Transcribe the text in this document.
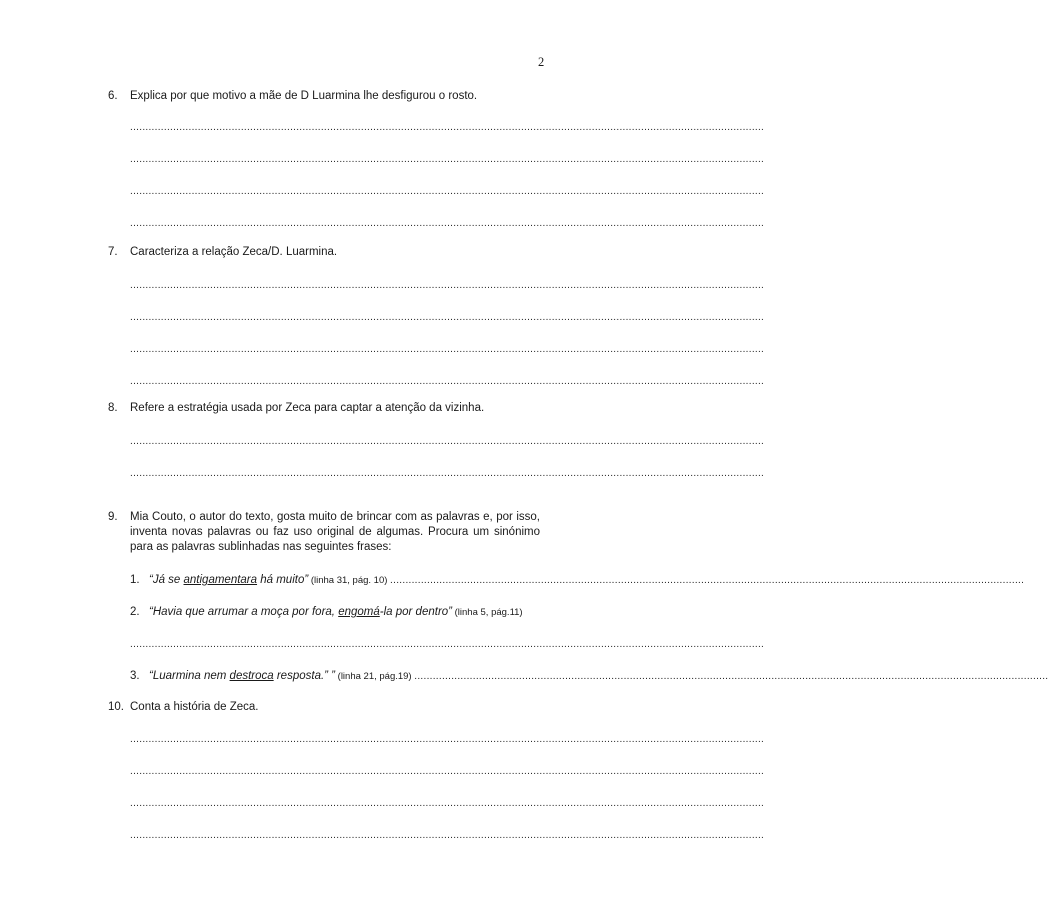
2
6. Explica por que motivo a mãe de D Luarmina lhe desfigurou o rosto.
..............................................................................................................................................................................................................
..............................................................................................................................................................................................................
..............................................................................................................................................................................................................
..............................................................................................................................................................................................................
7. Caracteriza a relação Zeca/D. Luarmina.
..............................................................................................................................................................................................................
..............................................................................................................................................................................................................
..............................................................................................................................................................................................................
..............................................................................................................................................................................................................
8. Refere a estratégia usada por Zeca para captar a atenção da vizinha.
..............................................................................................................................................................................................................
..............................................................................................................................................................................................................
9. Mia Couto, o autor do texto, gosta muito de brincar com as palavras e, por isso, inventa novas palavras ou faz uso original de algumas. Procura um sinónimo para as palavras sublinhadas nas seguintes frases:
1. “Já se antigamentara há muito” (linha 31, pág. 10) ..............................................................................................................................................................................................................
2. “Havia que arrumar a moça por fora, engomá-la por dentro” (linha 5, pág.11)
..............................................................................................................................................................................................................
3. “Luarmina nem destroca resposta.” ” (linha 21, pág.19) ..............................................................................................................................................................................................................
10. Conta a história de Zeca.
..............................................................................................................................................................................................................
..............................................................................................................................................................................................................
..............................................................................................................................................................................................................
..............................................................................................................................................................................................................
